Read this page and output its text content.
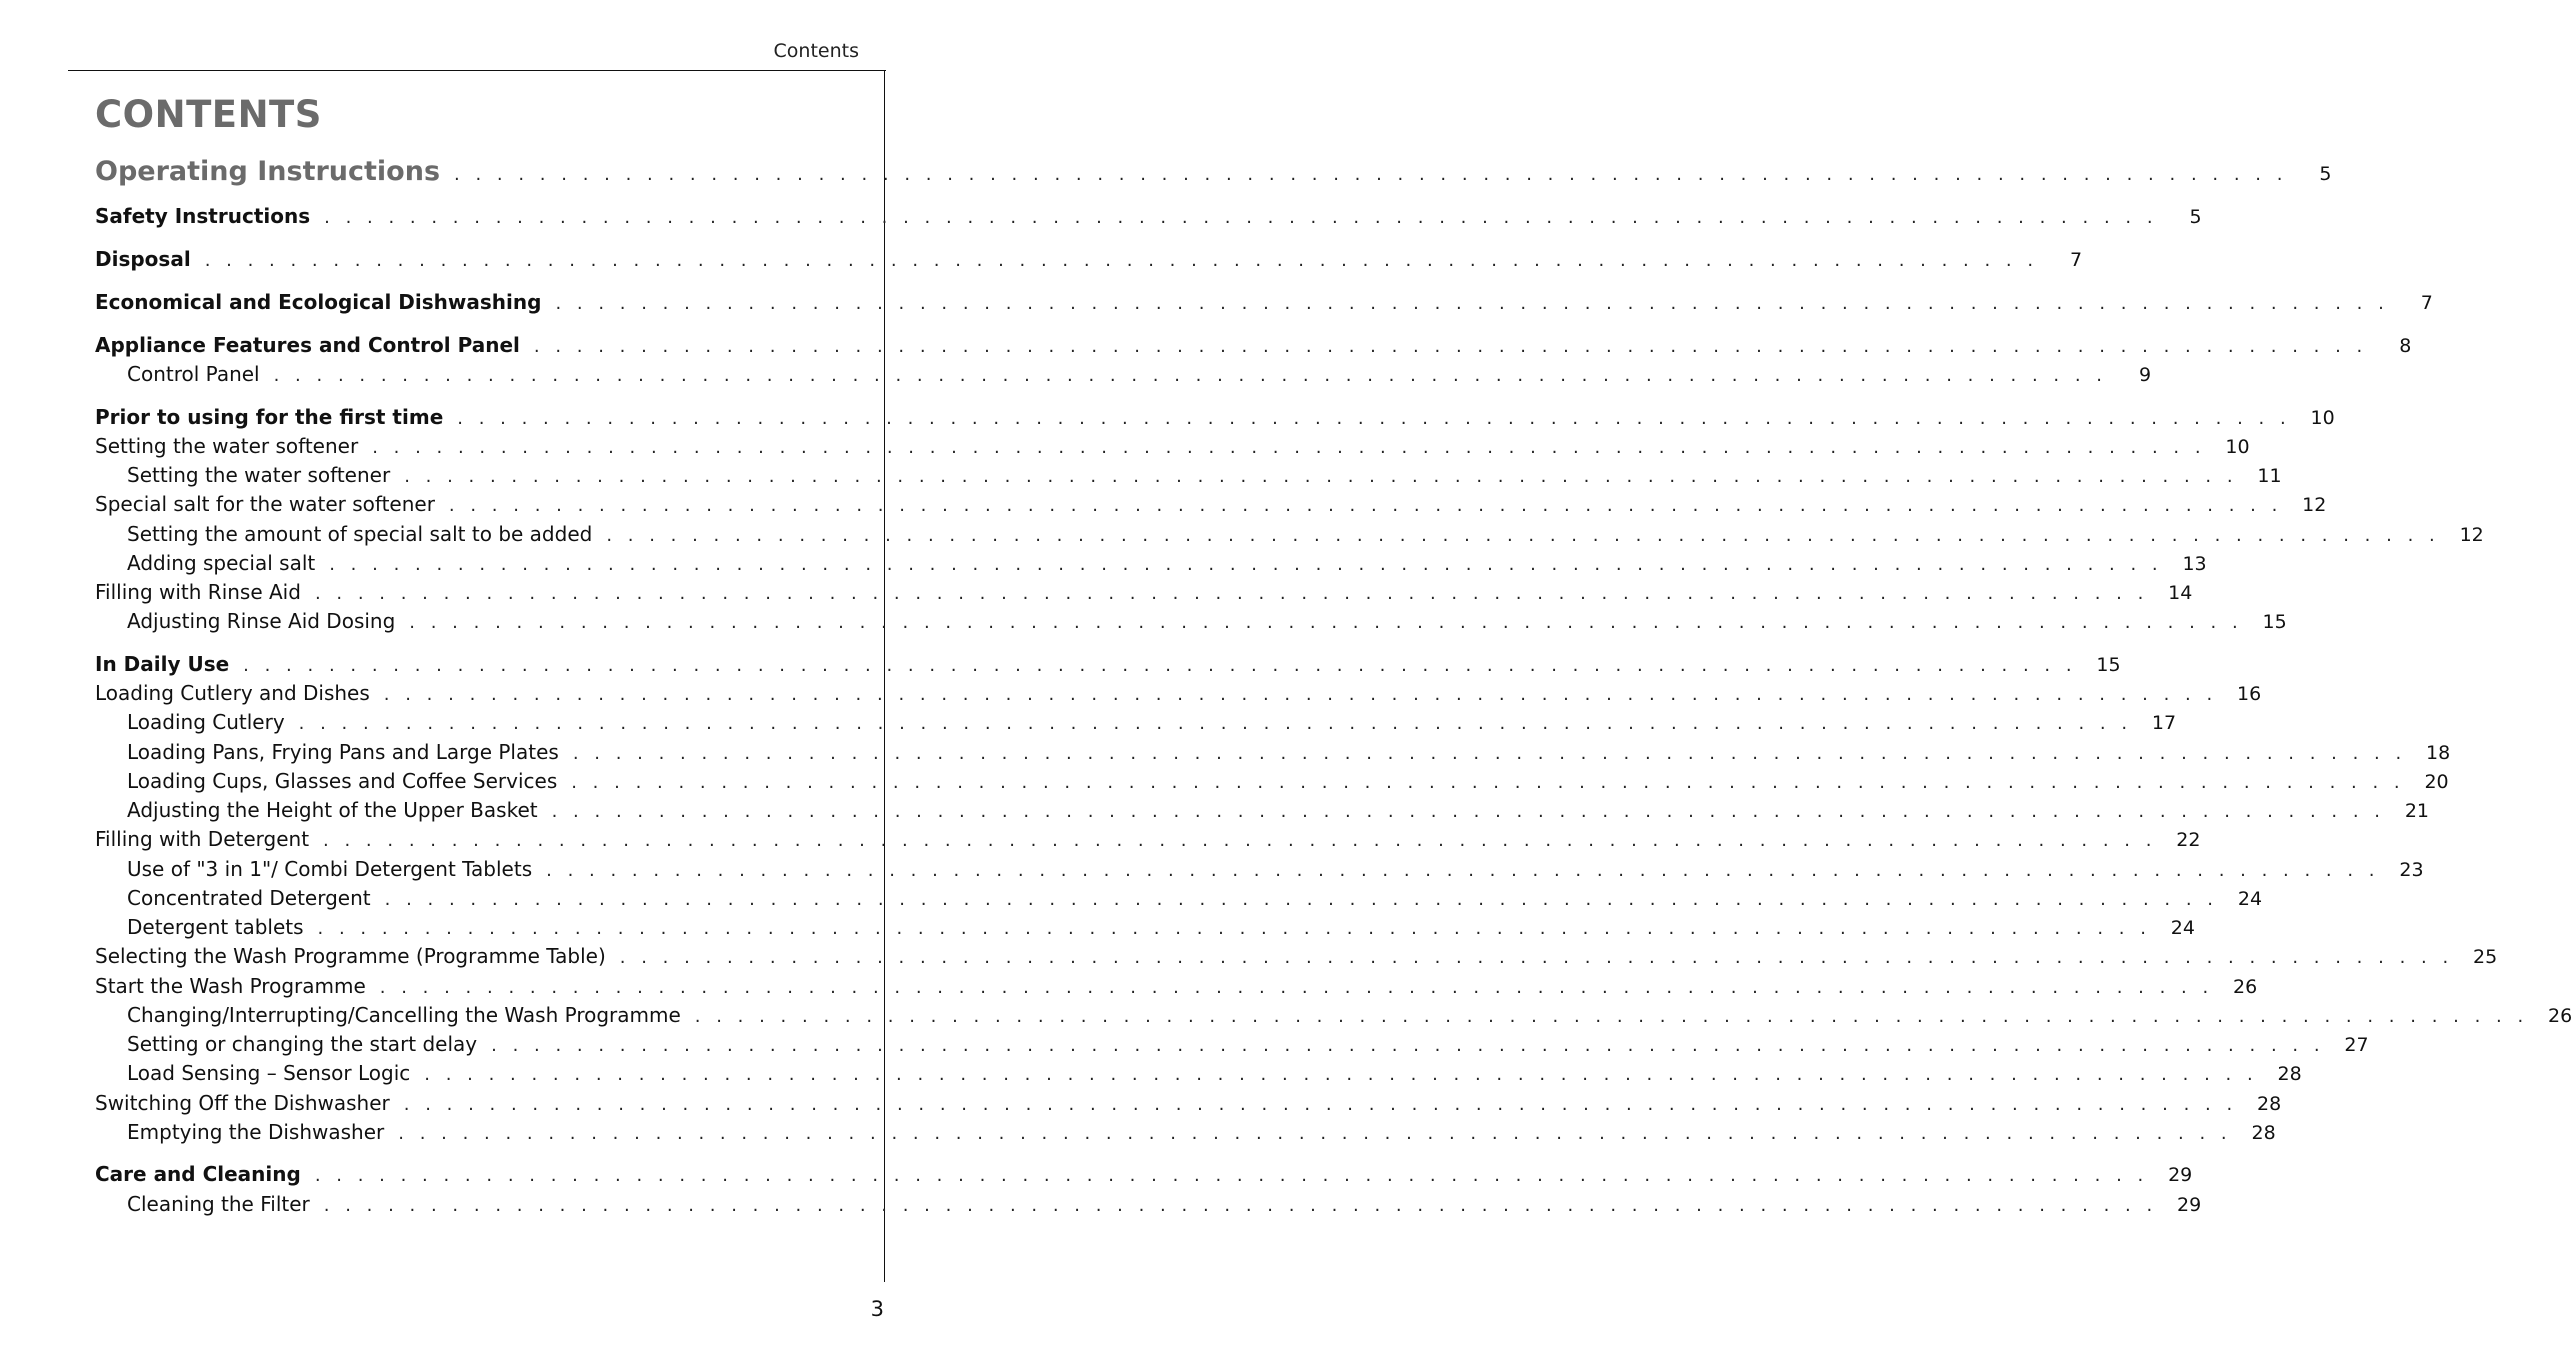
Contents
CONTENTS
Operating Instructions . . . . . . . . . . . . . . . . . . . . . . . . . . . . . . . . . . . . . . . . . . . . . . . . . . . . . . . . . . . . . . . . . . . . . . . . . . . . . . . . . . . . . .	5
Safety Instructions . . . . . . . . . . . . . . . . . . . . . . . . . . . . . . . . . . . . . . . . . . . . . . . . . . . . . . . . . . . . . . . . . . . . . . . . . . . . . . . . . . . . . .	5
Disposal . . . . . . . . . . . . . . . . . . . . . . . . . . . . . . . . . . . . . . . . . . . . . . . . . . . . . . . . . . . . . . . . . . . . . . . . . . . . . . . . . . . . . .	7
Economical and Ecological Dishwashing . . . . . . . . . . . . . . . . . . . . . . . . . . . . . . . . . . . . . . . . . . . . . . . . . . . . . . . . . . . . . . . . . . . . . . . . . . . . . . . . . . . . . .	7
Appliance Features and Control Panel . . . . . . . . . . . . . . . . . . . . . . . . . . . . . . . . . . . . . . . . . . . . . . . . . . . . . . . . . . . . . . . . . . . . . . . . . . . . . . . . . . . . . .	8
Control Panel . . . . . . . . . . . . . . . . . . . . . . . . . . . . . . . . . . . . . . . . . . . . . . . . . . . . . . . . . . . . . . . . . . . . . . . . . . . . . . . . . . . . . .	9
Prior to using for the first time . . . . . . . . . . . . . . . . . . . . . . . . . . . . . . . . . . . . . . . . . . . . . . . . . . . . . . . . . . . . . . . . . . . . . . . . . . . . . . . . . . . . . .	10
Setting the water softener . . . . . . . . . . . . . . . . . . . . . . . . . . . . . . . . . . . . . . . . . . . . . . . . . . . . . . . . . . . . . . . . . . . . . . . . . . . . . . . . . . . . . .	10
Setting the water softener . . . . . . . . . . . . . . . . . . . . . . . . . . . . . . . . . . . . . . . . . . . . . . . . . . . . . . . . . . . . . . . . . . . . . . . . . . . . . . . . . . . . . .	11
Special salt for the water softener . . . . . . . . . . . . . . . . . . . . . . . . . . . . . . . . . . . . . . . . . . . . . . . . . . . . . . . . . . . . . . . . . . . . . . . . . . . . . . . . . . . . . .	12
Setting the amount of special salt to be added . . . . . . . . . . . . . . . . . . . . . . . . . . . . . . . . . . . . . . . . . . . . . . . . . . . . . . . . . . . . . . . . . . . . . . . . . . . . . . . . . . . . . .	12
Adding special salt . . . . . . . . . . . . . . . . . . . . . . . . . . . . . . . . . . . . . . . . . . . . . . . . . . . . . . . . . . . . . . . . . . . . . . . . . . . . . . . . . . . . . .	13
Filling with Rinse Aid . . . . . . . . . . . . . . . . . . . . . . . . . . . . . . . . . . . . . . . . . . . . . . . . . . . . . . . . . . . . . . . . . . . . . . . . . . . . . . . . . . . . . .	14
Adjusting Rinse Aid Dosing . . . . . . . . . . . . . . . . . . . . . . . . . . . . . . . . . . . . . . . . . . . . . . . . . . . . . . . . . . . . . . . . . . . . . . . . . . . . . . . . . . . . . .	15
In Daily Use . . . . . . . . . . . . . . . . . . . . . . . . . . . . . . . . . . . . . . . . . . . . . . . . . . . . . . . . . . . . . . . . . . . . . . . . . . . . . . . . . . . . . .	15
Loading Cutlery and Dishes . . . . . . . . . . . . . . . . . . . . . . . . . . . . . . . . . . . . . . . . . . . . . . . . . . . . . . . . . . . . . . . . . . . . . . . . . . . . . . . . . . . . . .	16
Loading Cutlery . . . . . . . . . . . . . . . . . . . . . . . . . . . . . . . . . . . . . . . . . . . . . . . . . . . . . . . . . . . . . . . . . . . . . . . . . . . . . . . . . . . . . .	17
Loading Pans, Frying Pans and Large Plates . . . . . . . . . . . . . . . . . . . . . . . . . . . . . . . . . . . . . . . . . . . . . . . . . . . . . . . . . . . . . . . . . . . . . . . . . . . . . . . . . . . . . .	18
Loading Cups, Glasses and Coffee Services . . . . . . . . . . . . . . . . . . . . . . . . . . . . . . . . . . . . . . . . . . . . . . . . . . . . . . . . . . . . . . . . . . . . . . . . . . . . . . . . . . . . . .	20
Adjusting the Height of the Upper Basket . . . . . . . . . . . . . . . . . . . . . . . . . . . . . . . . . . . . . . . . . . . . . . . . . . . . . . . . . . . . . . . . . . . . . . . . . . . . . . . . . . . . . .	21
Filling with Detergent . . . . . . . . . . . . . . . . . . . . . . . . . . . . . . . . . . . . . . . . . . . . . . . . . . . . . . . . . . . . . . . . . . . . . . . . . . . . . . . . . . . . . .	22
Use of "3 in 1"/ Combi Detergent Tablets . . . . . . . . . . . . . . . . . . . . . . . . . . . . . . . . . . . . . . . . . . . . . . . . . . . . . . . . . . . . . . . . . . . . . . . . . . . . . . . . . . . . . .	23
Concentrated Detergent . . . . . . . . . . . . . . . . . . . . . . . . . . . . . . . . . . . . . . . . . . . . . . . . . . . . . . . . . . . . . . . . . . . . . . . . . . . . . . . . . . . . . .	24
Detergent tablets . . . . . . . . . . . . . . . . . . . . . . . . . . . . . . . . . . . . . . . . . . . . . . . . . . . . . . . . . . . . . . . . . . . . . . . . . . . . . . . . . . . . . .	24
Selecting the Wash Programme (Programme Table) . . . . . . . . . . . . . . . . . . . . . . . . . . . . . . . . . . . . . . . . . . . . . . . . . . . . . . . . . . . . . . . . . . . . . . . . . . . . . . . . . . . . . .	25
Start the Wash Programme . . . . . . . . . . . . . . . . . . . . . . . . . . . . . . . . . . . . . . . . . . . . . . . . . . . . . . . . . . . . . . . . . . . . . . . . . . . . . . . . . . . . . .	26
Changing/Interrupting/Cancelling the Wash Programme . . . . . . . . . . . . . . . . . . . . . . . . . . . . . . . . . . . . . . . . . . . . . . . . . . . . . . . . . . . . . . . . . . . . . . . . . . . . . . . . . . . . . .	26
Setting or changing the start delay . . . . . . . . . . . . . . . . . . . . . . . . . . . . . . . . . . . . . . . . . . . . . . . . . . . . . . . . . . . . . . . . . . . . . . . . . . . . . . . . . . . . . .	27
Load Sensing – Sensor Logic . . . . . . . . . . . . . . . . . . . . . . . . . . . . . . . . . . . . . . . . . . . . . . . . . . . . . . . . . . . . . . . . . . . . . . . . . . . . . . . . . . . . . .	28
Switching Off the Dishwasher . . . . . . . . . . . . . . . . . . . . . . . . . . . . . . . . . . . . . . . . . . . . . . . . . . . . . . . . . . . . . . . . . . . . . . . . . . . . . . . . . . . . . .	28
Emptying the Dishwasher . . . . . . . . . . . . . . . . . . . . . . . . . . . . . . . . . . . . . . . . . . . . . . . . . . . . . . . . . . . . . . . . . . . . . . . . . . . . . . . . . . . . . .	28
Care and Cleaning . . . . . . . . . . . . . . . . . . . . . . . . . . . . . . . . . . . . . . . . . . . . . . . . . . . . . . . . . . . . . . . . . . . . . . . . . . . . . . . . . . . . . .	29
Cleaning the Filter . . . . . . . . . . . . . . . . . . . . . . . . . . . . . . . . . . . . . . . . . . . . . . . . . . . . . . . . . . . . . . . . . . . . . . . . . . . . . . . . . . . . . .	29
3
